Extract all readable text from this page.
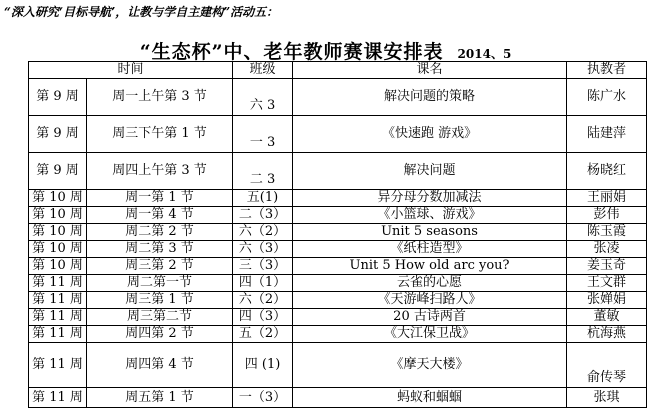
“深入研究‘目标导航’，让教与学自主建构”活动五：
“生态杯”中、老年教师赛课安排表 2014、5
时间		班级	课名	执教者
第 9 周	周一上午第 3 节	六 3	解决问题的策略	陈广水
第 9 周	周三下午第 1 节	一 3	《快速跑 游戏》	陆建萍
第 9 周	周四上午第 3 节	二 3	解决问题	杨晓红
第 10 周	周一第 1 节	五(1)	异分母分数加减法	王丽娟
第 10 周	周一第 4 节	二（3）	《小篮球、游戏》	彭伟
第 10 周	周二第 2 节	六（2）	Unit 5 seasons	陈玉霞
第 10 周	周二第 3 节	六（3）	《纸柱造型》	张凌
第 10 周	周三第 2 节	三（3）	Unit 5 How old arc you?	姜玉奇
第 11 周	周二第一节	四（1）	云雀的心愿	王文群
第 11 周	周三第 1 节	六（2）	《天游峰扫路人》	张婵娟
第 11 周	周三第二节	四（3）	20 古诗两首	董敏
第 11 周	周四第 2 节	五（2）	《大江保卫战》	杭海燕
第 11 周	周四第 4 节	四 (1)	《摩天大楼》	俞传琴
第 11 周	周五第 1 节	一（3）	蚂蚁和蝈蝈	张琪
